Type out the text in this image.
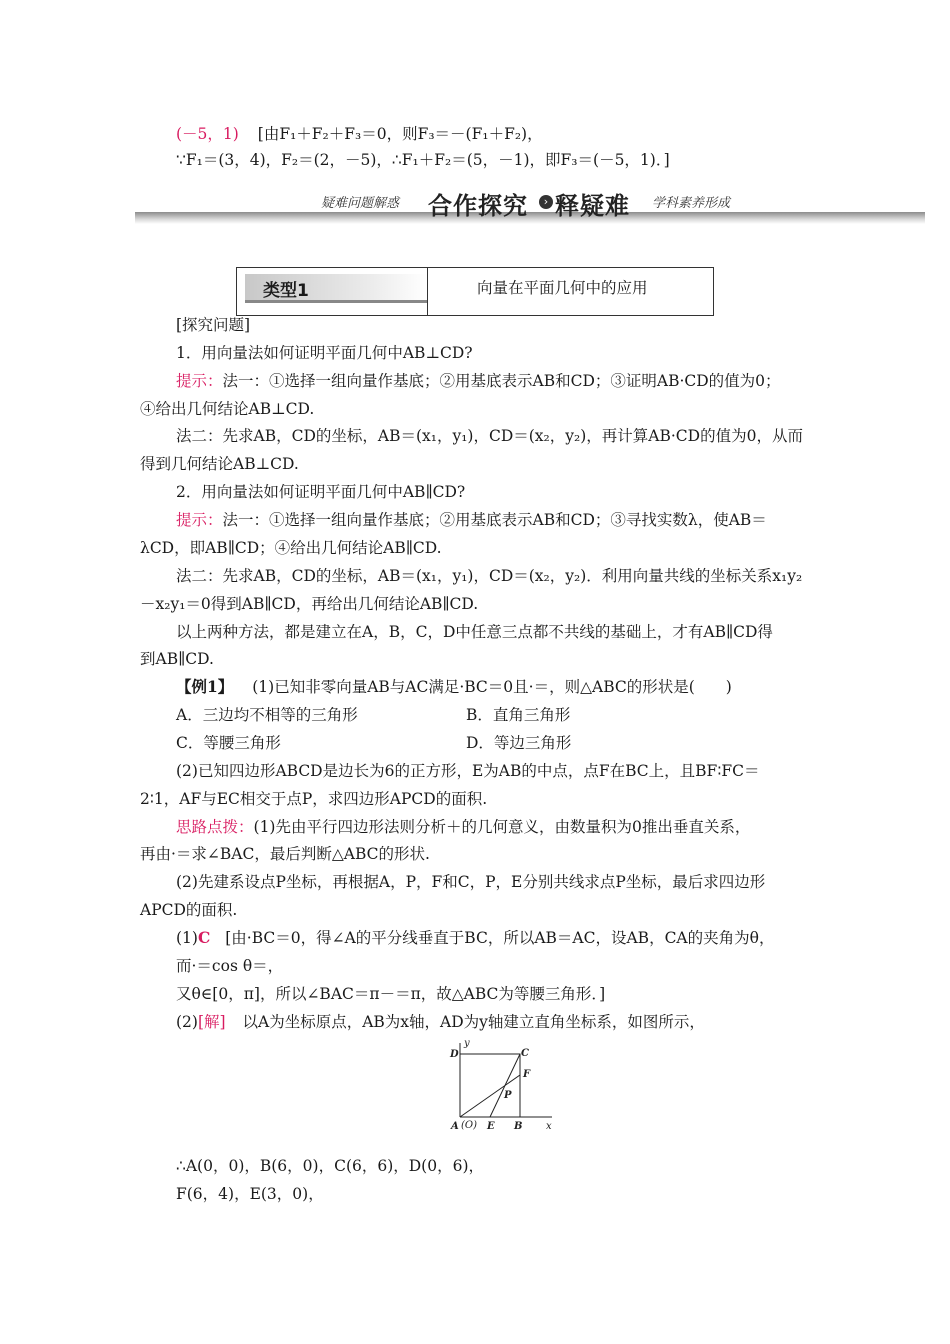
(－5，1) [由F₁＋F₂＋F₃＝0，则F₃＝－(F₁＋F₂)，
∵F₁＝(3，4)，F₂＝(2，－5)，∴F₁＋F₂＝(5，－1)，即F₃＝(－5，1)．]
疑难问题解惑 合作探究	› 释疑难 学科素养形成
类型1	向量在平面几何中的应用
[探究问题]
1．用向量法如何证明平面几何中AB⊥CD?
提示：法一：①选择一组向量作基底；②用基底表示AB和CD；③证明AB·CD的值为0；
④给出几何结论AB⊥CD.
法二：先求AB，CD的坐标，AB＝(x₁，y₁)，CD＝(x₂，y₂)，再计算AB·CD的值为0，从而
得到几何结论AB⊥CD.
2．用向量法如何证明平面几何中AB∥CD?
提示：法一：①选择一组向量作基底；②用基底表示AB和CD；③寻找实数λ，使AB＝
λCD，即AB∥CD；④给出几何结论AB∥CD.
法二：先求AB，CD的坐标，AB＝(x₁，y₁)，CD＝(x₂，y₂)．利用向量共线的坐标关系x₁y₂
－x₂y₁＝0得到AB∥CD，再给出几何结论AB∥CD.
以上两种方法，都是建立在A，B，C，D中任意三点都不共线的基础上，才有AB∥CD得
到AB∥CD.
【例1】 (1)已知非零向量AB与AC满足·BC＝0且·＝，则△ABC的形状是(　　)
A．三边均不相等的三角形	B．直角三角形
C．等腰三角形	D．等边三角形
(2)已知四边形ABCD是边长为6的正方形，E为AB的中点，点F在BC上，且BF∶FC＝
2∶1，AF与EC相交于点P，求四边形APCD的面积.
思路点拨：(1)先由平行四边形法则分析＋的几何意义，由数量积为0推出垂直关系，
再由·＝求∠BAC，最后判断△ABC的形状.
(2)先建系设点P坐标，再根据A，P，F和C，P，E分别共线求点P坐标，最后求四边形
APCD的面积.
(1)C [由·BC＝0，得∠A的平分线垂直于BC，所以AB＝AC，设AB，CA的夹角为θ，
而·＝cos θ＝，
又θ∈[0，π]，所以∠BAC＝π－＝π，故△ABC为等腰三角形．]
(2)[解] 以A为坐标原点，AB为x轴，AD为y轴建立直角坐标系，如图所示，
y
x
D	C
F
P
A (O) E B
∴A(0，0)，B(6，0)，C(6，6)，D(0，6)，
F(6，4)，E(3，0)，
